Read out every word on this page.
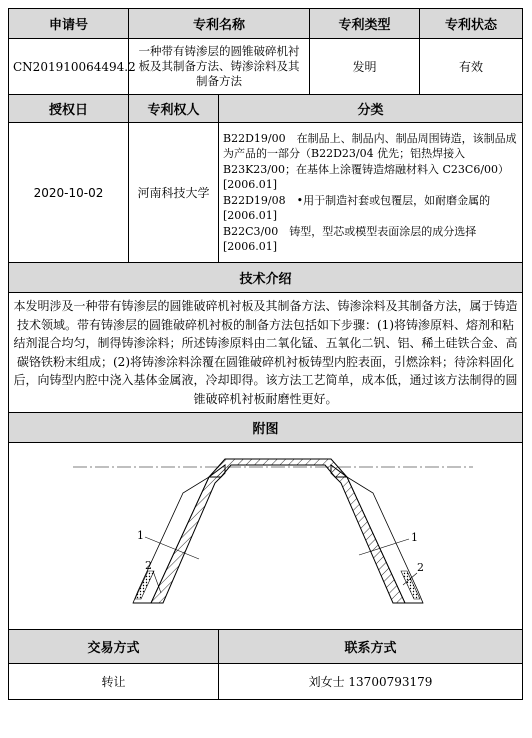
申请号	专利名称		专利类型	专利状态
CN201910064494.2	一种带有铸渗层的圆锥破碎机衬板及其制备方法、铸渗涂料及其制备方法		发明	有效
授权日	专利权人	分类		
2020-10-02	河南科技大学	B22D19/00　在制品上、制品内、制品周围铸造，该制品成为产品的一部分（B22D23/04 优先；铝热焊接入 B23K23/00；在基体上涂覆铸造熔融材料入 C23C6/00）[2006.01]

B22D19/08　•用于制造衬套或包覆层，如耐磨金属的[2006.01]

B22C3/00　铸型，型芯或模型表面涂层的成分选择[2006.01]		

技术介绍				
本发明涉及一种带有铸渗层的圆锥破碎机衬板及其制备方法、铸渗涂料及其制备方法，属于铸造技术领域。带有铸渗层的圆锥破碎机衬板的制备方法包括如下步骤：(1)将铸渗原料、熔剂和粘结剂混合均匀，制得铸渗涂料；所述铸渗原料由二氧化锰、五氧化二钒、铝、稀土硅铁合金、高碳铬铁粉末组成；(2)将铸渗涂料涂覆在圆锥破碎机衬板铸型内腔表面，引燃涂料；待涂料固化后，向铸型内腔中浇入基体金属液，冷却即得。该方法工艺简单，成本低，通过该方法制得的圆锥破碎机衬板耐磨性更好。				
附图				

1
2
1
2				

交易方式		联系方式		
转让		刘女士 13700793179		
